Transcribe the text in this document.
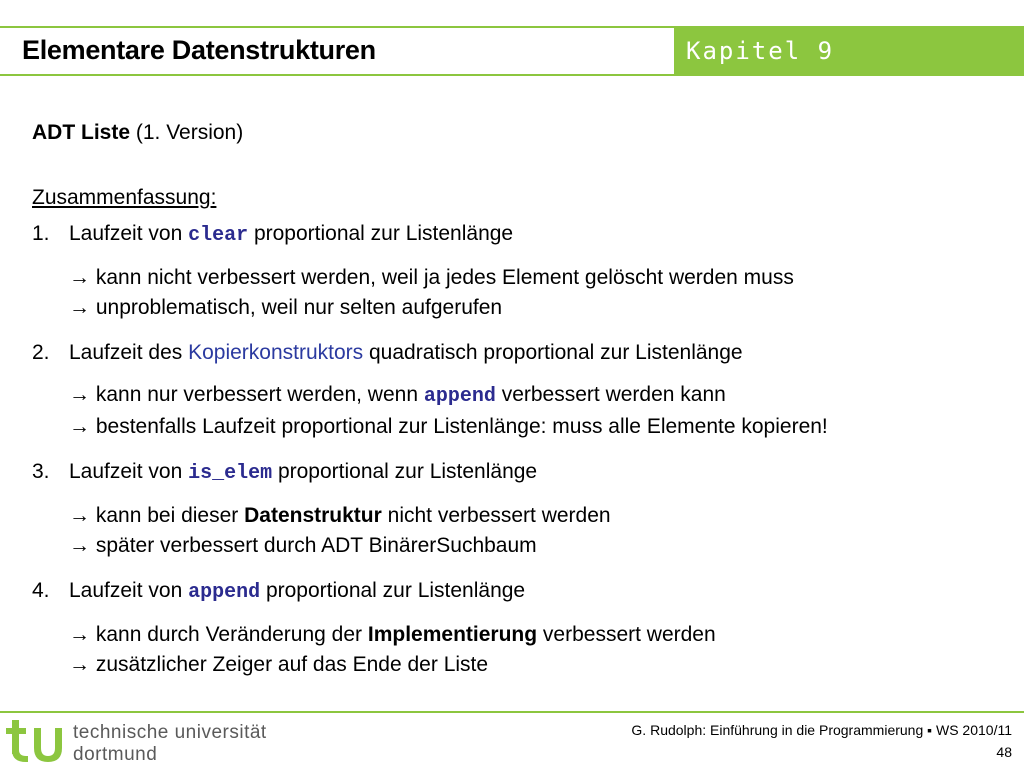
Elementare Datenstrukturen	Kapitel 9

ADT Liste (1. Version)

Zusammenfassung:

1. Laufzeit von clear proportional zur Listenlänge
→ kann nicht verbessert werden, weil ja jedes Element gelöscht werden muss
→ unproblematisch, weil nur selten aufgerufen
2. Laufzeit des Kopierkonstruktors quadratisch proportional zur Listenlänge
→ kann nur verbessert werden, wenn append verbessert werden kann
→ bestenfalls Laufzeit proportional zur Listenlänge: muss alle Elemente kopieren!
3. Laufzeit von is_elem proportional zur Listenlänge
→ kann bei dieser Datenstruktur nicht verbessert werden
→ später verbessert durch ADT BinärerSuchbaum
4. Laufzeit von append proportional zur Listenlänge
→ kann durch Veränderung der Implementierung verbessert werden
→ zusätzlicher Zeiger auf das Ende der Liste
technische universität
dortmund
G. Rudolph: Einführung in die Programmierung ▪ WS 2010/11
48
